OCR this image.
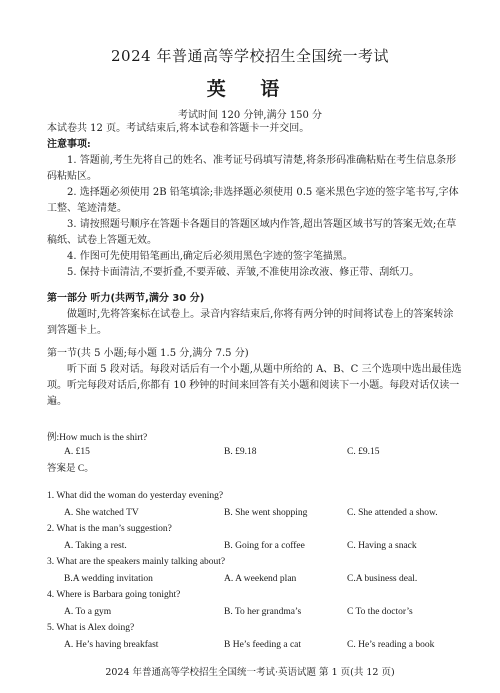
2024 年普通高等学校招生全国统一考试
英 语
考试时间 120 分钟,满分 150 分

本试卷共 12 页。考试结束后,将本试卷和答题卡一并交回。

注意事项:

1. 答题前,考生先将自己的姓名、准考证号码填写清楚,将条形码准确粘贴在考生信息条形码粘贴区。

2. 选择题必须使用 2B 铅笔填涂;非选择题必须使用 0.5 毫米黑色字迹的签字笔书写,字体工整、笔迹清楚。

3. 请按照题号顺序在答题卡各题目的答题区域内作答,超出答题区域书写的答案无效;在草稿纸、试卷上答题无效。

4. 作图可先使用铅笔画出,确定后必须用黑色字迹的签字笔描黑。

5. 保持卡面清洁,不要折叠,不要弄破、弄皱,不准使用涂改液、修正带、刮纸刀。

第一部分 听力(共两节,满分 30 分)

做题时,先将答案标在试卷上。录音内容结束后,你将有两分钟的时间将试卷上的答案转涂到答题卡上。

第一节(共 5 小题;每小题 1.5 分,满分 7.5 分)

听下面 5 段对话。每段对话后有一个小题,从题中所给的 A、B、C 三个选项中选出最佳选项。听完每段对话后,你都有 10 秒钟的时间来回答有关小题和阅读下一小题。每段对话仅读一遍。

例:How much is the shirt?
A. £15	B. £9.18	C. £9.15
答案是 C。
1. What did the woman do yesterday evening?
A. She watched TV	B. She went shopping	C. She attended a show.
2. What is the man’s suggestion?
A. Taking a rest.	B. Going for a coffee	C. Having a snack
3. What are the speakers mainly talking about?
B.A wedding invitation	A. A weekend plan	C.A business deal.
4. Where is Barbara going tonight?
A. To a gym	B. To her grandma’s	C To the doctor’s
5. What is Alex doing?
A. He’s having breakfast	B He’s feeding a cat	C. He’s reading a book
2024 年普通高等学校招生全国统一考试·英语试题 第 1 页(共 12 页)
